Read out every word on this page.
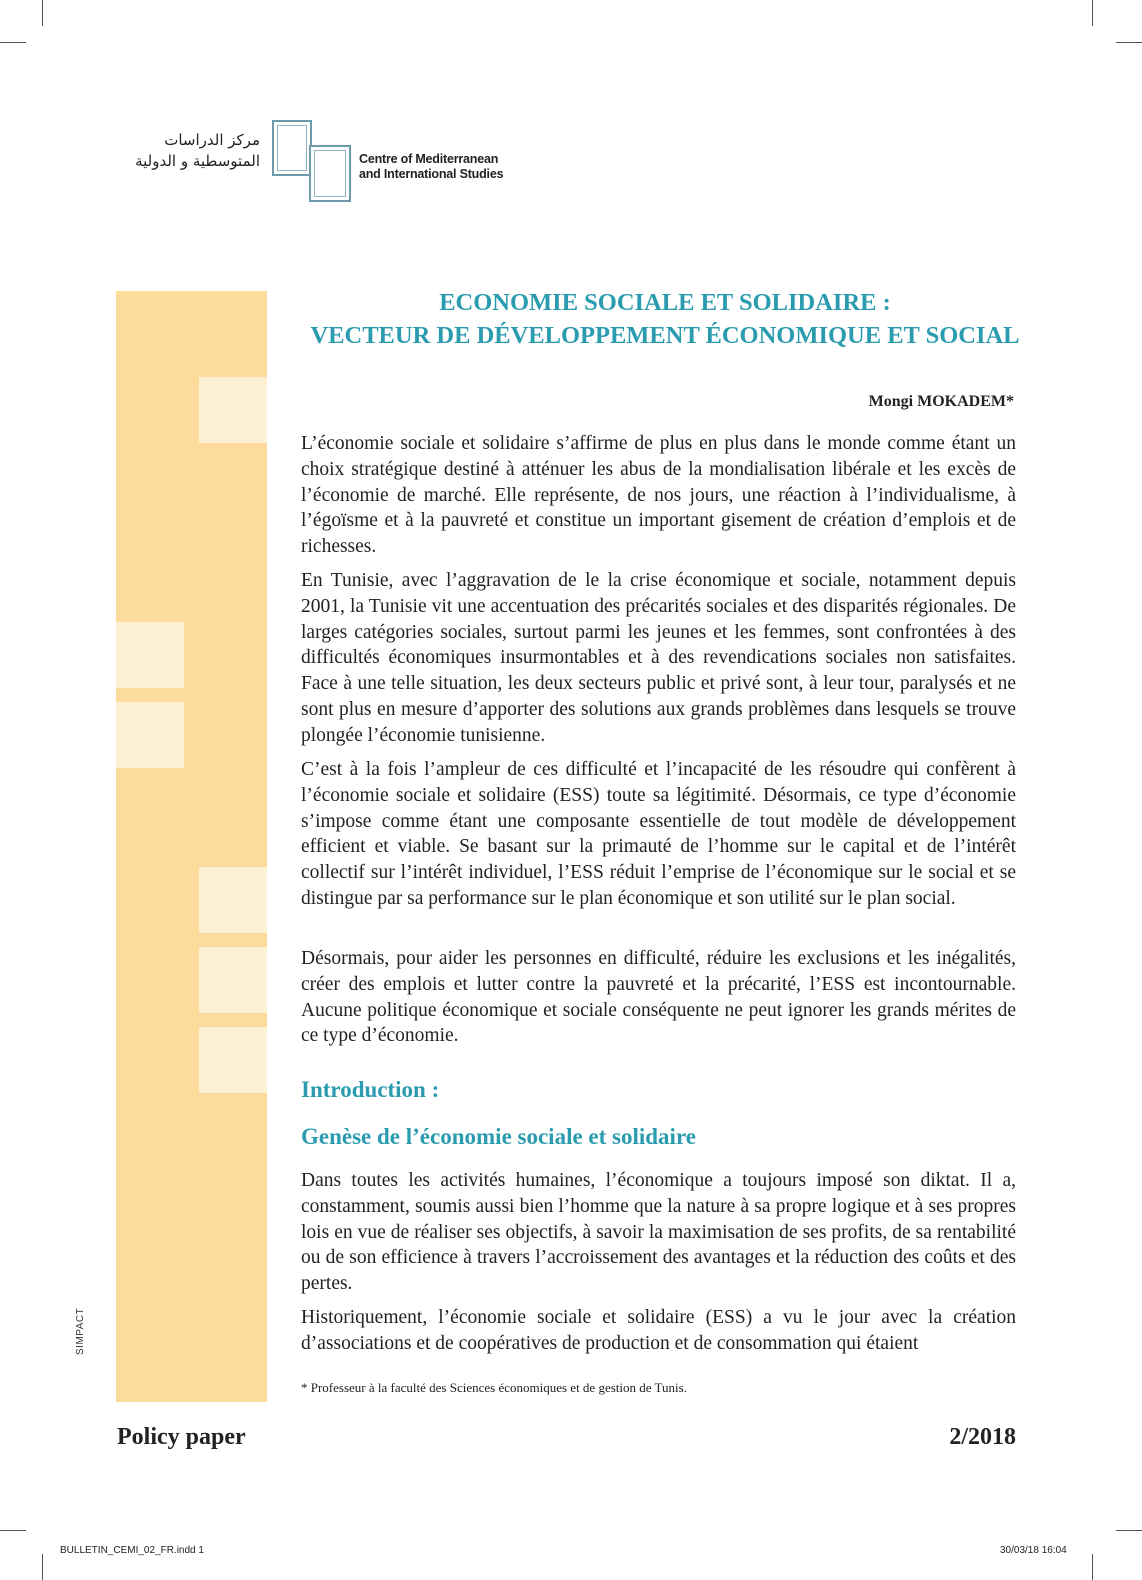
مركز الدراسات
المتوسطية و الدولية	Centre of Mediterranean
and International Studies
ECONOMIE SOCIALE ET SOLIDAIRE :
VECTEUR DE DÉVELOPPEMENT ÉCONOMIQUE ET SOCIAL
Mongi MOKADEM*

L’économie sociale et solidaire s’affirme de plus en plus dans le monde comme étant un choix stratégique destiné à atténuer les abus de la mondialisation libérale et les excès de l’économie de marché. Elle représente, de nos jours, une réaction à l’individualisme, à l’égoïsme et à la pauvreté et constitue un important gisement de création d’emplois et de richesses.

En Tunisie, avec l’aggravation de le la crise économique et sociale, notamment depuis 2001, la Tunisie vit une accentuation des précarités sociales et des disparités régionales. De larges catégories sociales, surtout parmi les jeunes et les femmes, sont confrontées à des difficultés économiques insurmontables et à des revendications sociales non satisfaites. Face à une telle situation, les deux secteurs public et privé sont, à leur tour, paralysés et ne sont plus en mesure d’apporter des solutions aux grands problèmes dans lesquels se trouve plongée l’économie tunisienne.

C’est à la fois l’ampleur de ces difficulté et l’incapacité de les résoudre qui confèrent à l’économie sociale et solidaire (ESS) toute sa légitimité. Désormais, ce type d’économie s’impose comme étant une composante essentielle de tout modèle de développement efficient et viable. Se basant sur la primauté de l’homme sur le capital et de l’intérêt collectif sur l’intérêt individuel, l’ESS réduit l’emprise de l’économique sur le social et se distingue par sa performance sur le plan économique et son utilité sur le plan social.

Désormais, pour aider les personnes en difficulté, réduire les exclusions et les inégalités, créer des emplois et lutter contre la pauvreté et la précarité, l’ESS est incontournable. Aucune politique économique et sociale conséquente ne peut ignorer les grands mérites de ce type d’économie.

Introduction :
Genèse de l’économie sociale et solidaire

Dans toutes les activités humaines, l’économique a toujours imposé son diktat. Il a, constamment, soumis aussi bien l’homme que la nature à sa propre logique et à ses propres lois en vue de réaliser ses objectifs, à savoir la maximisation de ses profits, de sa rentabilité ou de son efficience à travers l’accroissement des avantages et la réduction des coûts et des pertes.

Historiquement, l’économie sociale et solidaire (ESS) a vu le jour avec la création d’associations et de coopératives de production et de consommation qui étaient

* Professeur à la faculté des Sciences économiques et de gestion de Tunis.
Policy paper	2/2018
SIMPACT
BULLETIN_CEMI_02_FR.indd 1	30/03/18 16:04
